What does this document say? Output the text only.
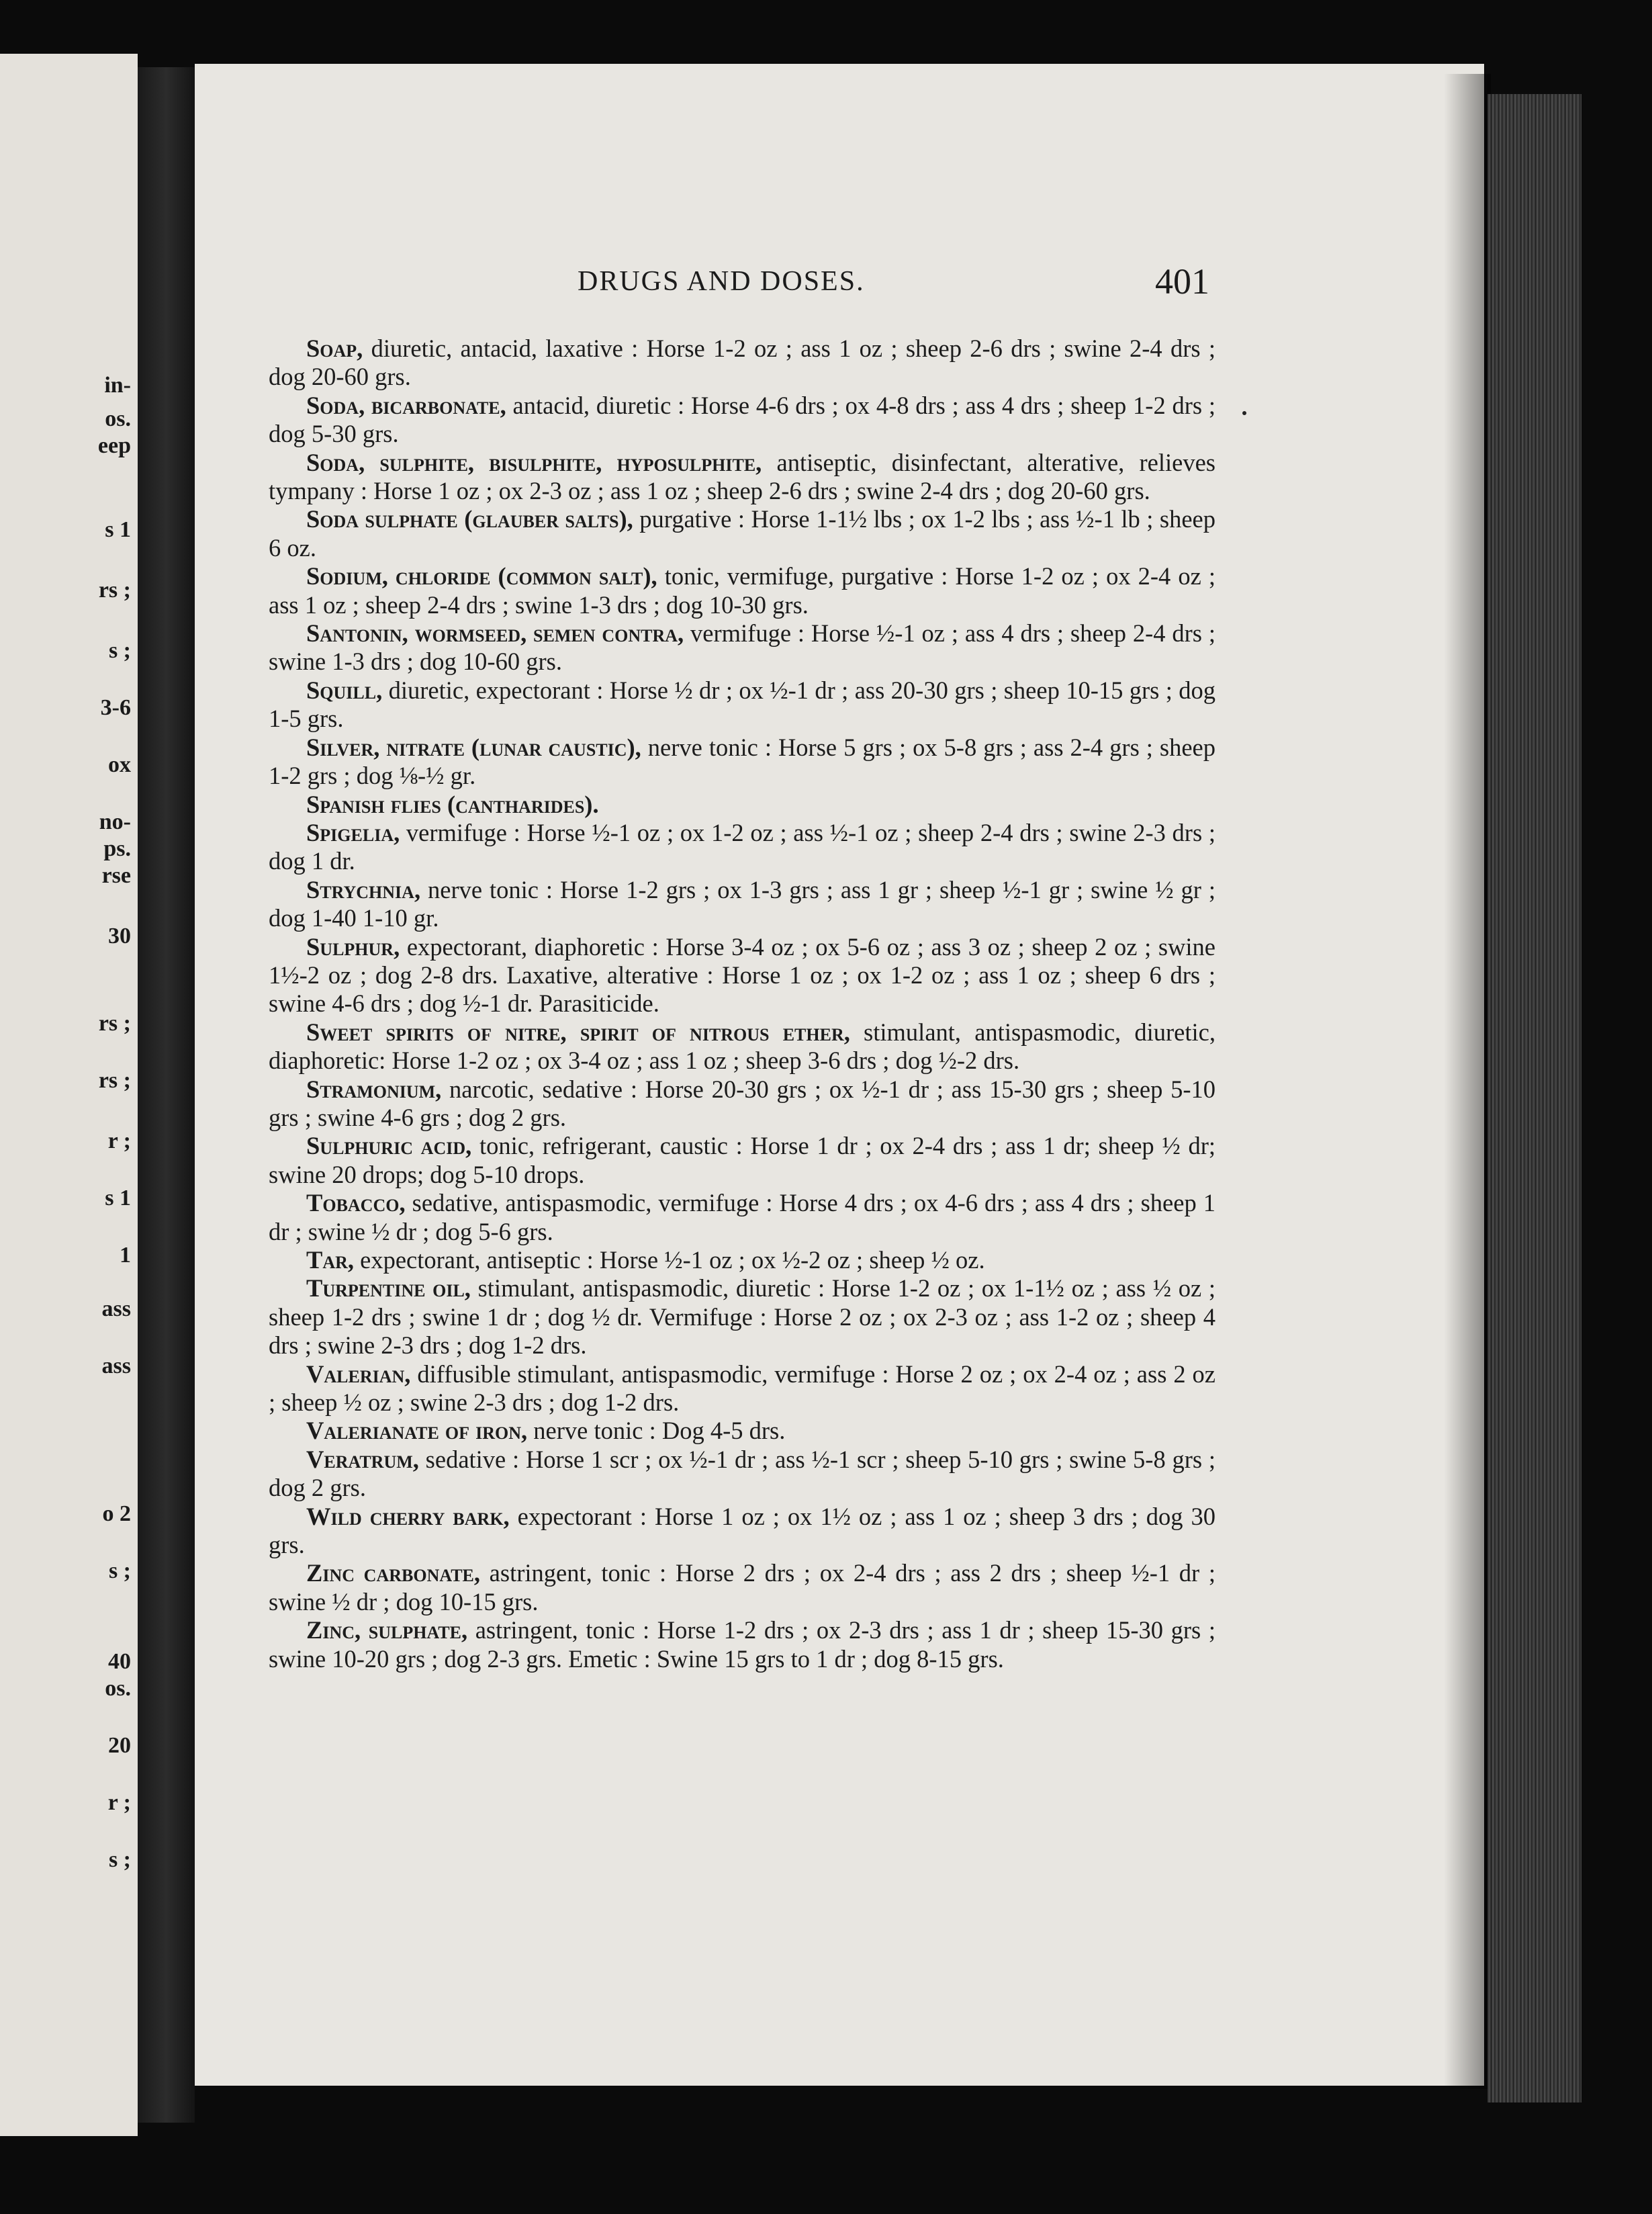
in-
os.
eep
s 1
rs ;
s ;
3-6
ox
no-
ps.
rse
30
rs ;
rs ;
r ;
s 1
1
ass
ass
o 2
s ;
40
os.
20
r ;
s ;
DRUGS AND DOSES.	401
Soap, diuretic, antacid, laxative : Horse 1-2 oz ; ass 1 oz ; sheep 2-6 drs ; swine 2-4 drs ; dog 20-60 grs.
Soda, bicarbonate, antacid, diuretic : Horse 4-6 drs ; ox 4-8 drs ; ass 4 drs ; sheep 1-2 drs ; dog 5-30 grs.
Soda, sulphite, bisulphite, hyposulphite, antiseptic, disinfectant, alterative, relieves tympany : Horse 1 oz ; ox 2-3 oz ; ass 1 oz ; sheep 2-6 drs ; swine 2-4 drs ; dog 20-60 grs.
Soda sulphate (glauber salts), purgative : Horse 1-1½ lbs ; ox 1-2 lbs ; ass ½-1 lb ; sheep 6 oz.
Sodium, chloride (common salt), tonic, vermifuge, purgative : Horse 1-2 oz ; ox 2-4 oz ; ass 1 oz ; sheep 2-4 drs ; swine 1-3 drs ; dog 10-30 grs.
Santonin, wormseed, semen contra, vermifuge : Horse ½-1 oz ; ass 4 drs ; sheep 2-4 drs ; swine 1-3 drs ; dog 10-60 grs.
Squill, diuretic, expectorant : Horse ½ dr ; ox ½-1 dr ; ass 20-30 grs ; sheep 10-15 grs ; dog 1-5 grs.
Silver, nitrate (lunar caustic), nerve tonic : Horse 5 grs ; ox 5-8 grs ; ass 2-4 grs ; sheep 1-2 grs ; dog ⅛-½ gr.
Spanish flies (cantharides).
Spigelia, vermifuge : Horse ½-1 oz ; ox 1-2 oz ; ass ½-1 oz ; sheep 2-4 drs ; swine 2-3 drs ; dog 1 dr.
Strychnia, nerve tonic : Horse 1-2 grs ; ox 1-3 grs ; ass 1 gr ; sheep ½-1 gr ; swine ½ gr ; dog 1-40 1-10 gr.
Sulphur, expectorant, diaphoretic : Horse 3-4 oz ; ox 5-6 oz ; ass 3 oz ; sheep 2 oz ; swine 1½-2 oz ; dog 2-8 drs. Laxative, alterative : Horse 1 oz ; ox 1-2 oz ; ass 1 oz ; sheep 6 drs ; swine 4-6 drs ; dog ½-1 dr. Parasiticide.
Sweet spirits of nitre, spirit of nitrous ether, stimulant, antispasmodic, diuretic, diaphoretic: Horse 1-2 oz ; ox 3-4 oz ; ass 1 oz ; sheep 3-6 drs ; dog ½-2 drs.
Stramonium, narcotic, sedative : Horse 20-30 grs ; ox ½-1 dr ; ass 15-30 grs ; sheep 5-10 grs ; swine 4-6 grs ; dog 2 grs.
Sulphuric acid, tonic, refrigerant, caustic : Horse 1 dr ; ox 2-4 drs ; ass 1 dr; sheep ½ dr; swine 20 drops; dog 5-10 drops.
Tobacco, sedative, antispasmodic, vermifuge : Horse 4 drs ; ox 4-6 drs ; ass 4 drs ; sheep 1 dr ; swine ½ dr ; dog 5-6 grs.
Tar, expectorant, antiseptic : Horse ½-1 oz ; ox ½-2 oz ; sheep ½ oz.
Turpentine oil, stimulant, antispasmodic, diuretic : Horse 1-2 oz ; ox 1-1½ oz ; ass ½ oz ; sheep 1-2 drs ; swine 1 dr ; dog ½ dr. Vermifuge : Horse 2 oz ; ox 2-3 oz ; ass 1-2 oz ; sheep 4 drs ; swine 2-3 drs ; dog 1-2 drs.
Valerian, diffusible stimulant, antispasmodic, vermifuge : Horse 2 oz ; ox 2-4 oz ; ass 2 oz ; sheep ½ oz ; swine 2-3 drs ; dog 1-2 drs.
Valerianate of iron, nerve tonic : Dog 4-5 drs.
Veratrum, sedative : Horse 1 scr ; ox ½-1 dr ; ass ½-1 scr ; sheep 5-10 grs ; swine 5-8 grs ; dog 2 grs.
Wild cherry bark, expectorant : Horse 1 oz ; ox 1½ oz ; ass 1 oz ; sheep 3 drs ; dog 30 grs.
Zinc carbonate, astringent, tonic : Horse 2 drs ; ox 2-4 drs ; ass 2 drs ; sheep ½-1 dr ; swine ½ dr ; dog 10-15 grs.
Zinc, sulphate, astringent, tonic : Horse 1-2 drs ; ox 2-3 drs ; ass 1 dr ; sheep 15-30 grs ; swine 10-20 grs ; dog 2-3 grs. Emetic : Swine 15 grs to 1 dr ; dog 8-15 grs.
